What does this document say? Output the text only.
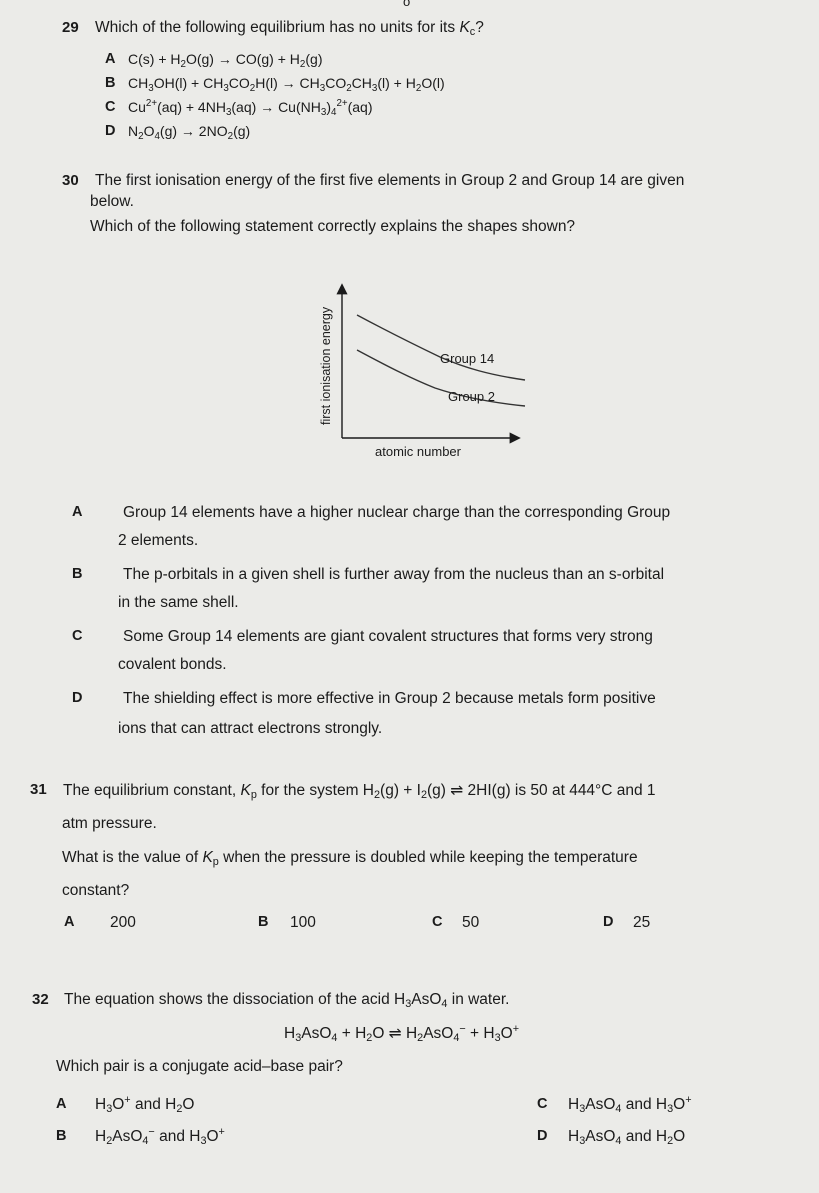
o
29 Which of the following equilibrium has no units for its $K_c$?
A $C(s) + H_2O(g) \to CO(g) + H_2(g)$
B $CH_3OH(l) + CH_3CO_2H(l) \to CH_3CO_2CH_3(l) + H_2O(l)$
C $Cu^{2+}(aq) + 4NH_3(aq) \to Cu(NH_3)_4^{2+}(aq)$
D $N_2O_4(g) \to 2NO_2(g)$
30 The first ionisation energy of the first five elements in Group 2 and Group 14 are given
below.
Which of the following statement correctly explains the shapes shown?
first ionisation energy	Group 14
Group 2
atomic number
A	Group 14 elements have a higher nuclear charge than the corresponding Group
2 elements.
B	The p-orbitals in a given shell is further away from the nucleus than an s-orbital
in the same shell.
C	Some Group 14 elements are giant covalent structures that forms very strong
covalent bonds.
D	The shielding effect is more effective in Group 2 because metals form positive
ions that can attract electrons strongly.
31 The equilibrium constant, $K_p$ for the system $H_2(g) + I_2(g)$ ⇌ 2HI(g) is 50 at 444°C and 1
atm pressure.
What is the value of $K_p$ when the pressure is doubled while keeping the temperature
constant?
A 200	B 100	C 50	D 25
32 The equation shows the dissociation of the acid $H_3AsO_4$ in water.
$H_3AsO_4 + H_2O$ ⇌ $H_2AsO_4^- + H_3O^+$
Which pair is a conjugate acid–base pair?
A $H_3O^+$ and $H_2O$
B $H_2AsO_4^-$ and $H_3O^+$
C $H_3AsO_4$ and $H_3O^+$
D $H_3AsO_4$ and $H_2O$
